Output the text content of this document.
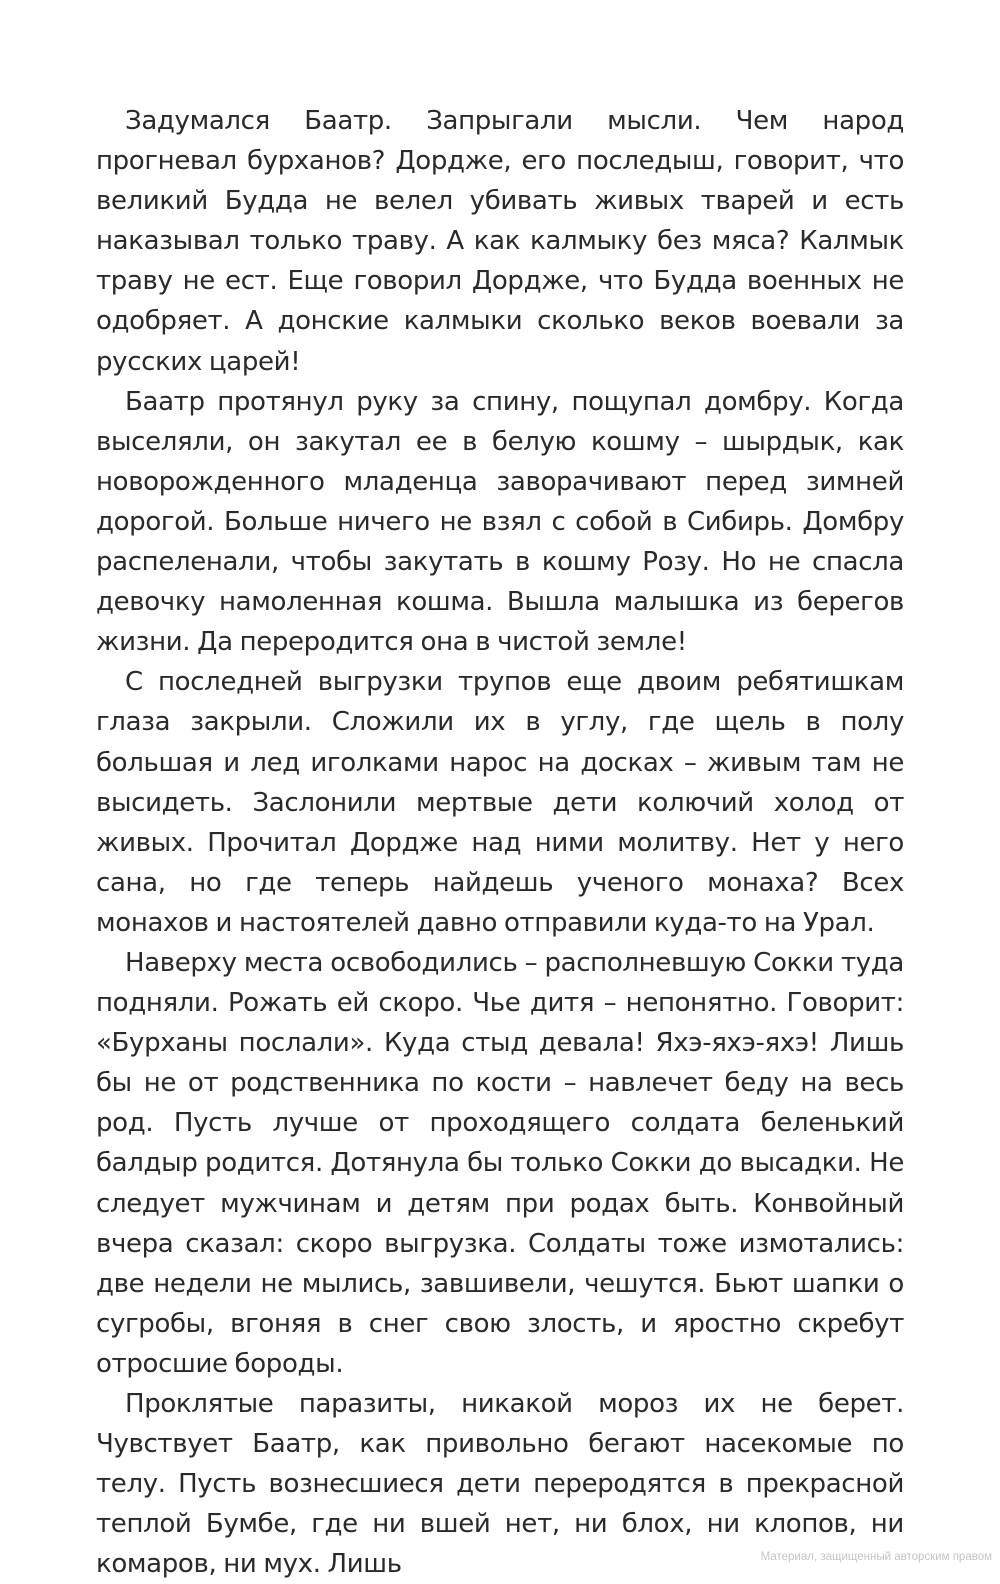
Задумался Баатр. Запрыгали мысли. Чем народ прогневал бурханов? Дордже, его последыш, говорит, что великий Будда не велел убивать живых тварей и есть наказывал только траву. А как калмыку без мяса? Калмык траву не ест. Еще говорил Дордже, что Будда военных не одобряет. А донские калмыки сколько веков воевали за русских царей!

Баатр протянул руку за спину, пощупал домбру. Когда выселяли, он закутал ее в белую кошму – шырдык, как новорожденного младенца заворачивают перед зимней дорогой. Больше ничего не взял с собой в Сибирь. Домбру распеленали, чтобы закутать в кошму Розу. Но не спасла девочку намоленная кошма. Вышла малышка из берегов жизни. Да переродится она в чистой земле!

С последней выгрузки трупов еще двоим ребятишкам глаза закрыли. Сложили их в углу, где щель в полу большая и лед иголками нарос на досках – живым там не высидеть. Заслонили мертвые дети колючий холод от живых. Прочитал Дордже над ними молитву. Нет у него сана, но где теперь найдешь ученого монаха? Всех монахов и настоятелей давно отправили куда-то на Урал.

Наверху места освободились – располневшую Сокки туда подняли. Рожать ей скоро. Чье дитя – непонятно. Говорит: «Бурханы послали». Куда стыд девала! Яхэ-яхэ-яхэ! Лишь бы не от родственника по кости – навлечет беду на весь род. Пусть лучше от проходящего солдата беленький балдыр родится. Дотянула бы только Сокки до высадки. Не следует мужчинам и детям при родах быть. Конвойный вчера сказал: скоро выгрузка. Солдаты тоже измотались: две недели не мылись, завшивели, чешутся. Бьют шапки о сугробы, вгоняя в снег свою злость, и яростно скребут отросшие бороды.

Проклятые паразиты, никакой мороз их не берет. Чувствует Баатр, как привольно бегают насекомые по телу. Пусть вознесшиеся дети переродятся в прекрасной теплой Бумбе, где ни вшей нет, ни блох, ни клопов, ни комаров, ни мух. Лишь	Материал, защищенный авторским правом
